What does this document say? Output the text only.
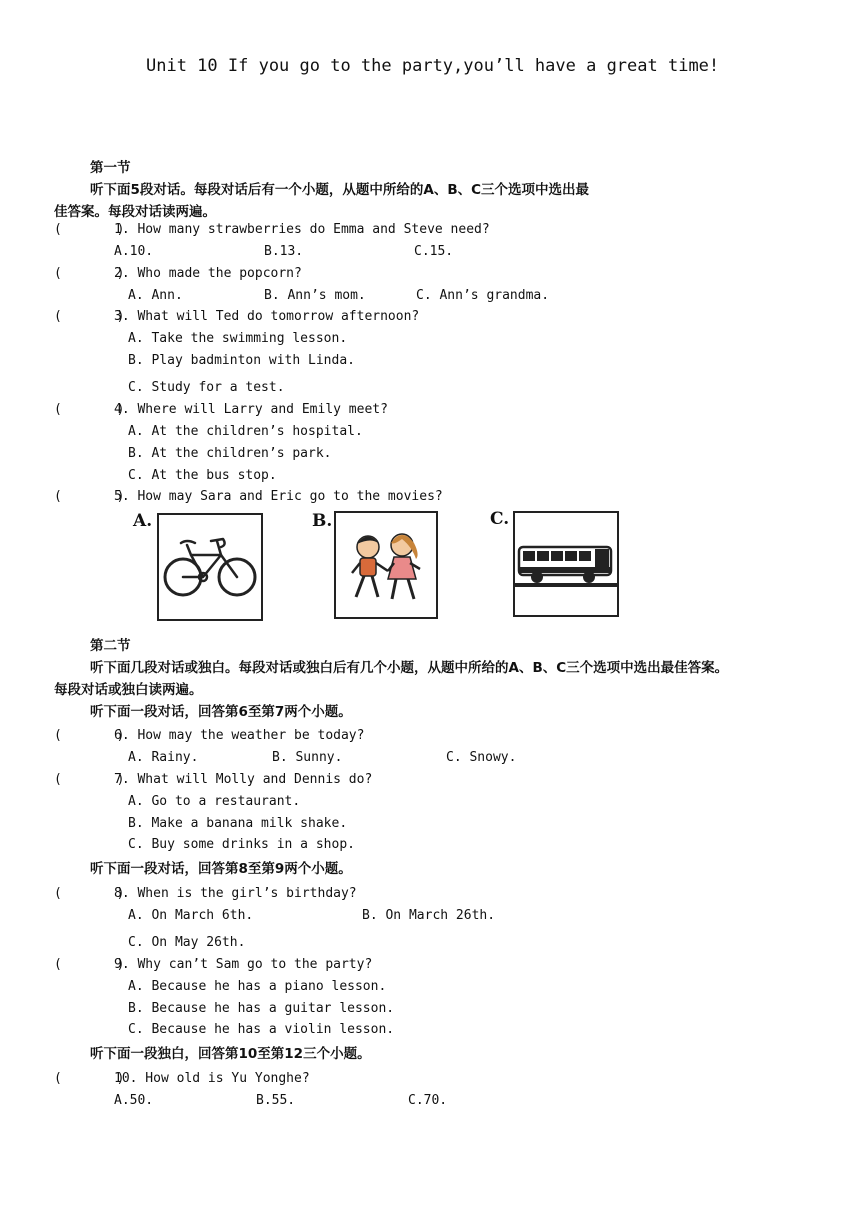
Unit 10 If you go to the party,you’ll have a great time!
第一节
听下面5段对话。每段对话后有一个小题，从题中所给的A、B、C三个选项中选出最
佳答案。每段对话读两遍。
(       )
1. How many strawberries do Emma and Steve need?
A.10.	B.13.	C.15.
(       )
2. Who made the popcorn?
A. Ann.	B. Ann’s mom.	C. Ann’s grandma.
(       )
3. What will Ted do tomorrow afternoon?
A. Take the swimming lesson.
B. Play badminton with Linda.
C. Study for a test.
(       )
4. Where will Larry and Emily meet?
A. At the children’s hospital.
B. At the children’s park.
C. At the bus stop.
(       )
5. How may Sara and Eric go to the movies?
A.	B.	C.
第二节
听下面几段对话或独白。每段对话或独白后有几个小题，从题中所给的A、B、C三个选项中选出最佳答案。
每段对话或独白读两遍。
听下面一段对话，回答第6至第7两个小题。
(       )
6. How may the weather be today?
A. Rainy.	B. Sunny.	C. Snowy.
(       )
7. What will Molly and Dennis do?
A. Go to a restaurant.
B. Make a banana milk shake.
C. Buy some drinks in a shop.
听下面一段对话，回答第8至第9两个小题。
(       )
8. When is the girl’s birthday?
A. On March 6th.	B. On March 26th.
C. On May 26th.
(       )
9. Why can’t Sam go to the party?
A. Because he has a piano lesson.
B. Because he has a guitar lesson.
C. Because he has a violin lesson.
听下面一段独白，回答第10至第12三个小题。
(       )
10. How old is Yu Yonghe?
A.50.	B.55.	C.70.
